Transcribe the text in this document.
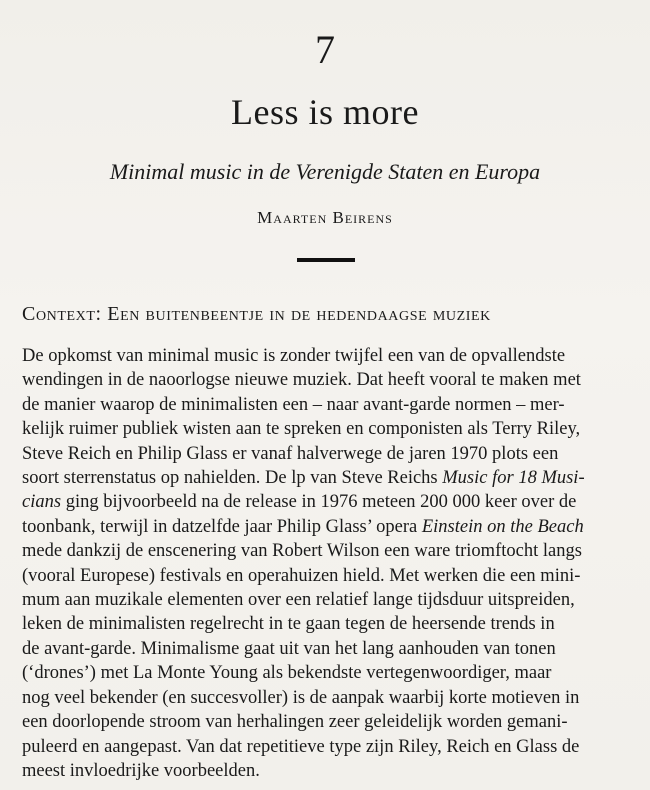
7
Less is more
Minimal music in de Verenigde Staten en Europa
Maarten Beirens
Context: Een buitenbeentje in de hedendaagse muziek
De opkomst van minimal music is zonder twijfel een van de opvallendste
wendingen in de naoorlogse nieuwe muziek. Dat heeft vooral te maken met
de manier waarop de minimalisten een – naar avant-garde normen – mer-
kelijk ruimer publiek wisten aan te spreken en componisten als Terry Riley,
Steve Reich en Philip Glass er vanaf halverwege de jaren 1970 plots een
soort sterrenstatus op nahielden. De lp van Steve Reichs Music for 18 Musi-
cians ging bijvoorbeeld na de release in 1976 meteen 200 000 keer over de
toonbank, terwijl in datzelfde jaar Philip Glass’ opera Einstein on the Beach
mede dankzij de enscenering van Robert Wilson een ware triomftocht langs
(vooral Europese) festivals en operahuizen hield. Met werken die een mini-
mum aan muzikale elementen over een relatief lange tijdsduur uitspreiden,
leken de minimalisten regelrecht in te gaan tegen de heersende trends in
de avant-garde. Minimalisme gaat uit van het lang aanhouden van tonen
(‘drones’) met La Monte Young als bekendste vertegenwoordiger, maar
nog veel bekender (en succesvoller) is de aanpak waarbij korte motieven in
een doorlopende stroom van herhalingen zeer geleidelijk worden gemani-
puleerd en aangepast. Van dat repetitieve type zijn Riley, Reich en Glass de
meest invloedrijke voorbeelden.
